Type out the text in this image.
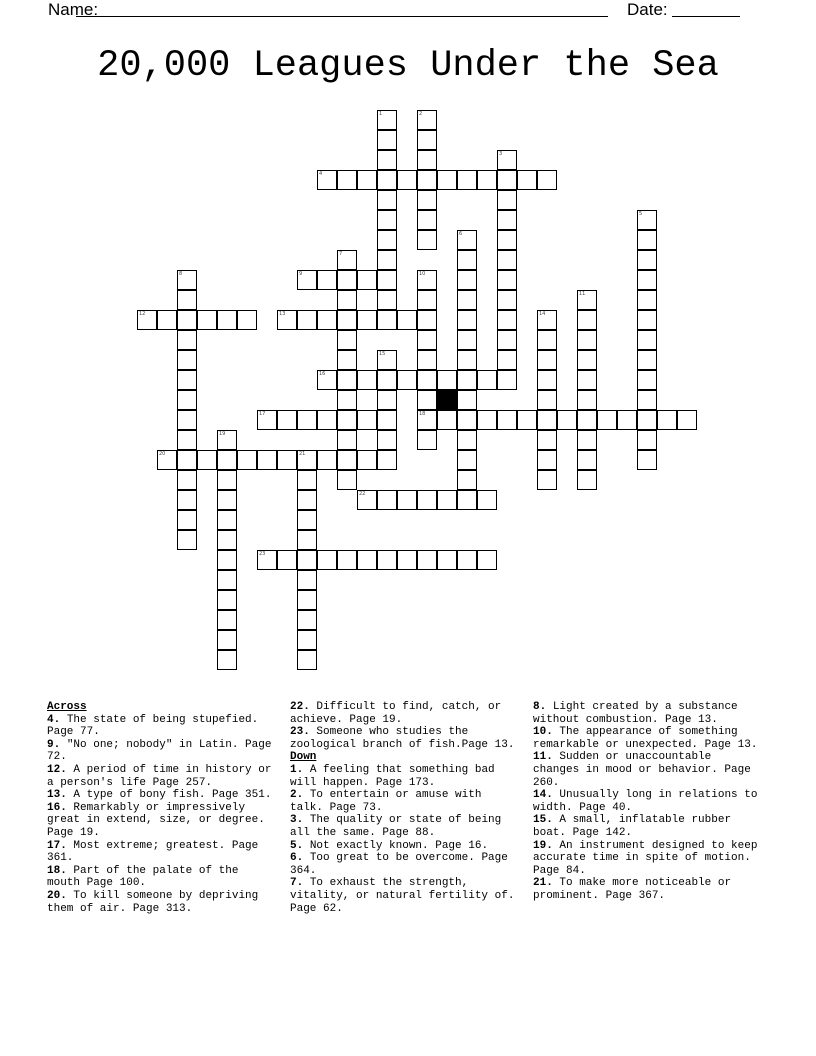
Name:	Date:
20,000 Leagues Under the Sea
1	2
3
4
5
6
7
8	9	10
18
11
12	13	14
15
16
17
19
20	21
22
23
Across

4. The state of being stupefied. Page 77.

9. "No one; nobody" in Latin. Page 72.

12. A period of time in history or a person's life Page 257.

13. A type of bony fish. Page 351.

16. Remarkably or impressively great in extend, size, or degree. Page 19.

17. Most extreme; greatest. Page 361.

18. Part of the palate of the mouth Page 100.

20. To kill someone by depriving them of air. Page 313.

22. Difficult to find, catch, or achieve. Page 19.

23. Someone who studies the zoological branch of fish.Page 13.

Down

1. A feeling that something bad will happen. Page 173.

2. To entertain or amuse with talk. Page 73.

3. The quality or state of being all the same. Page 88.

5. Not exactly known. Page 16.

6. Too great to be overcome. Page 364.

7. To exhaust the strength, vitality, or natural fertility of. Page 62.

8. Light created by a substance without combustion. Page 13.

10. The appearance of something remarkable or unexpected. Page 13.

11. Sudden or unaccountable changes in mood or behavior. Page 260.

14. Unusually long in relations to width. Page 40.

15. A small, inflatable rubber boat. Page 142.

19. An instrument designed to keep accurate time in spite of motion. Page 84.

21. To make more noticeable or prominent. Page 367.
